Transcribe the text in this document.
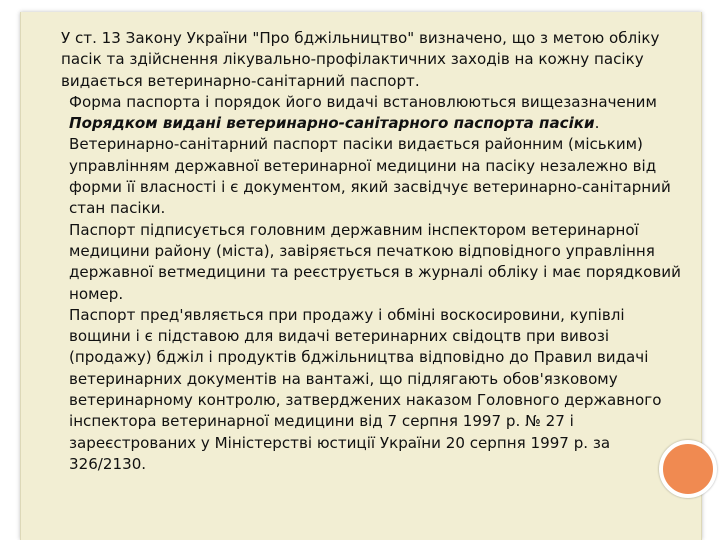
У ст. 13 Закону України "Про бджільництво" визначено, що з метою обліку пасік та здійснення лікувально-профілактичних заходів на кожну пасіку видається ветеринарно-санітарний паспорт.

Форма паспорта і порядок його видачі встановлюються вищезазначеним Порядком видані ветеринарно-санітарного паспорта пасіки.

Ветеринарно-санітарний паспорт пасіки видається районним (міським) управлінням державної ветеринарної медицини на пасіку незалежно від форми її власності і є документом, який засвідчує ветеринарно-санітарний стан пасіки.

Паспорт підписується головним державним інспектором ветеринарної медицини району (міста), завіряється печаткою відповідного управління державної ветмедицини та реєструється в журналі обліку і має порядковий номер.

Паспорт пред'являється при продажу і обміні воскосировини, купівлі вощини і є підставою для видачі ветеринарних свідоцтв при вивозі (продажу) бджіл і продуктів бджільництва відповідно до Правил видачі ветеринарних документів на вантажі, що підлягають обов'язковому ветеринарному контролю, затверджених наказом Головного державного інспектора ветеринарної медицини від 7 серпня 1997 р. № 27 і зареєстрованих у Міністерстві юстиції України 20 серпня 1997 р. за 326/2130.
